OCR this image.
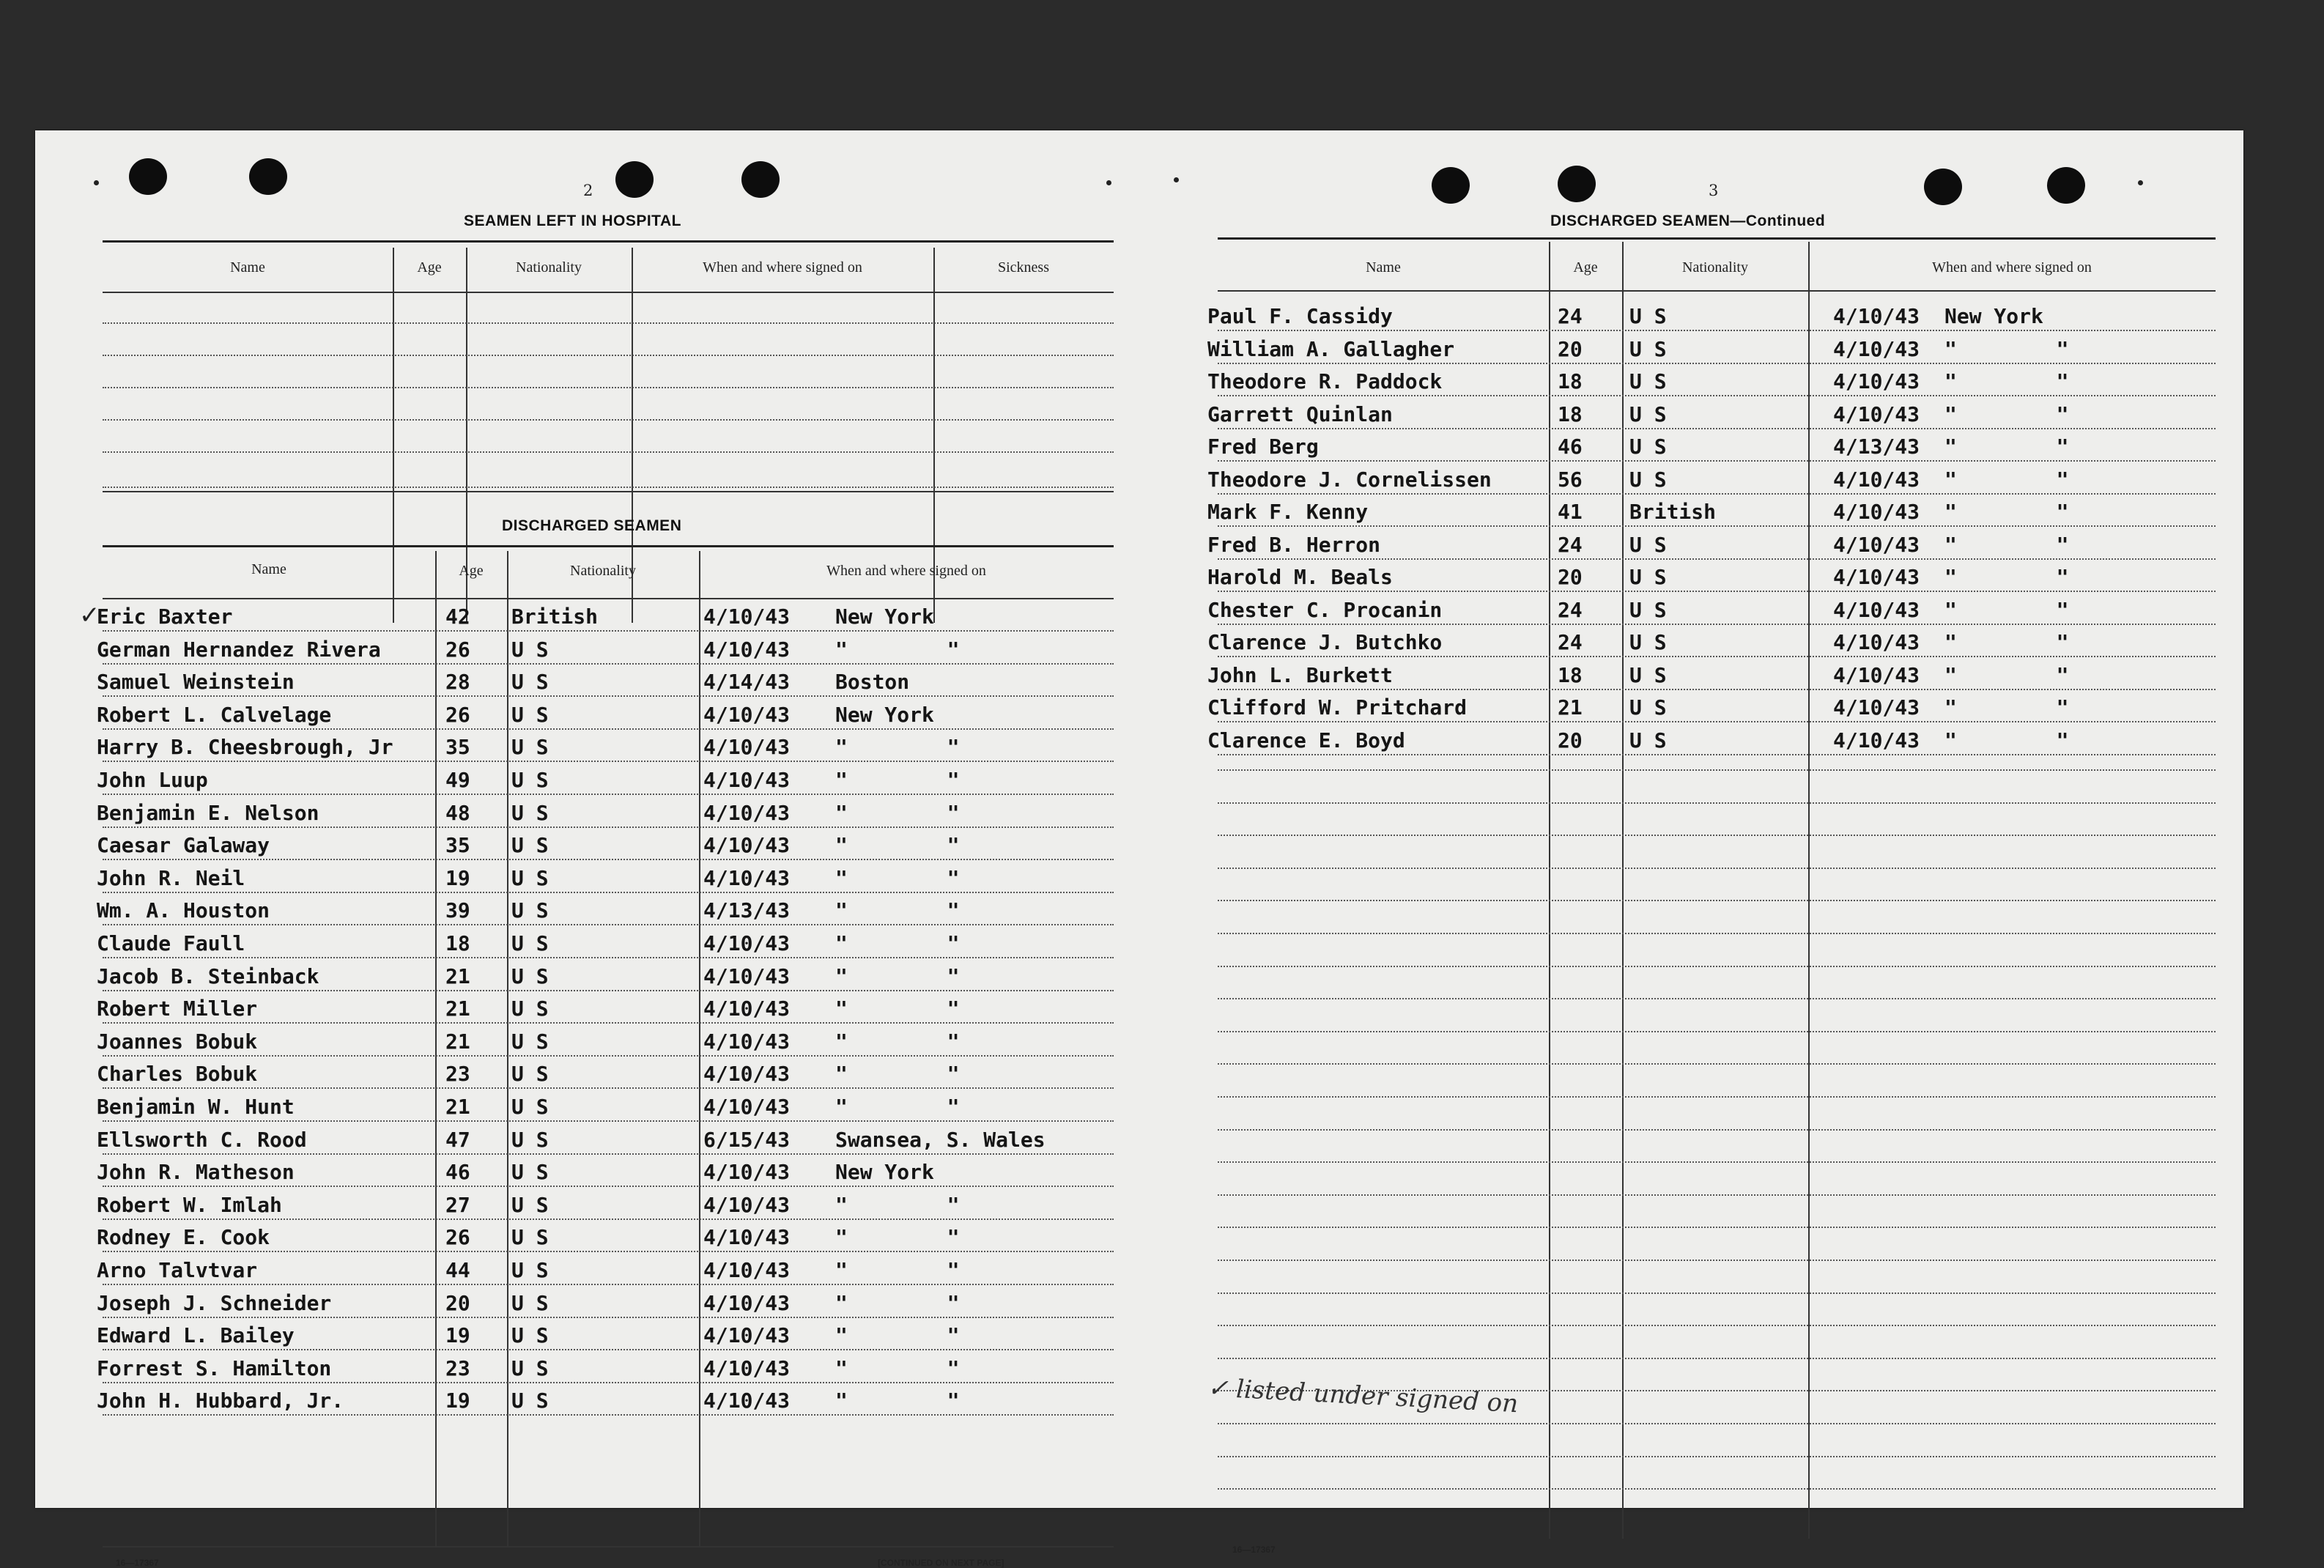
2
SEAMEN LEFT IN HOSPITAL
Name	Age	Nationality	When and where signed on	Sickness
DISCHARGED SEAMEN
Name	Age	Nationality	When and where signed on
Eric Baxter	42 British	4/10/43 New York
German Hernandez Rivera	26 U S	4/10/43 "  "
Samuel Weinstein	28 U S	4/14/43 Boston
Robert L. Calvelage	26 U S	4/10/43 New York
Harry B. Cheesbrough, Jr	35 U S	4/10/43 "  "
John Luup	49 U S	4/10/43 "  "
Benjamin E. Nelson	48 U S	4/10/43 "  "
Caesar Galaway	35 U S	4/10/43 "  "
John R. Neil	19 U S	4/10/43 "  "
Wm. A. Houston	39 U S	4/13/43 "  "
Claude Faull	18 U S	4/10/43 "  "
Jacob B. Steinback	21 U S	4/10/43 "  "
Robert Miller	21 U S	4/10/43 "  "
Joannes Bobuk	21 U S	4/10/43 "  "
Charles Bobuk	23 U S	4/10/43 "  "
Benjamin W. Hunt	21 U S	4/10/43 "  "
Ellsworth C. Rood	47 U S	6/15/43 Swansea, S. Wales
John R. Matheson	46 U S	4/10/43 New York
Robert W. Imlah	27 U S	4/10/43 "  "
Rodney E. Cook	26 U S	4/10/43 "  "
Arno Talvtvar	44 U S	4/10/43 "  "
Joseph J. Schneider	20 U S	4/10/43 "  "
Edward L. Bailey	19 U S	4/10/43 "  "
Forrest S. Hamilton	23 U S	4/10/43 "  "
John H. Hubbard, Jr.	19 U S	4/10/43 "  "
✓
16—17367	[CONTINUED ON NEXT PAGE]
3
DISCHARGED SEAMEN—Continued
Name	Age	Nationality	When and where signed on
Paul F. Cassidy	24 U S	4/10/43 New York
William A. Gallagher	20 U S	4/10/43 "  "
Theodore R. Paddock	18 U S	4/10/43 "  "
Garrett Quinlan	18 U S	4/10/43 "  "
Fred Berg	46 U S	4/13/43 "  "
Theodore J. Cornelissen	56 U S	4/10/43 "  "
Mark F. Kenny	41 British	4/10/43 "  "
Fred B. Herron	24 U S	4/10/43 "  "
Harold M. Beals	20 U S	4/10/43 "  "
Chester C. Procanin	24 U S	4/10/43 "  "
Clarence J. Butchko	24 U S	4/10/43 "  "
John L. Burkett	18 U S	4/10/43 "  "
Clifford W. Pritchard	21 U S	4/10/43 "  "
Clarence E. Boyd	20 U S	4/10/43 "  "
✓ listed under signed on
16—17367
